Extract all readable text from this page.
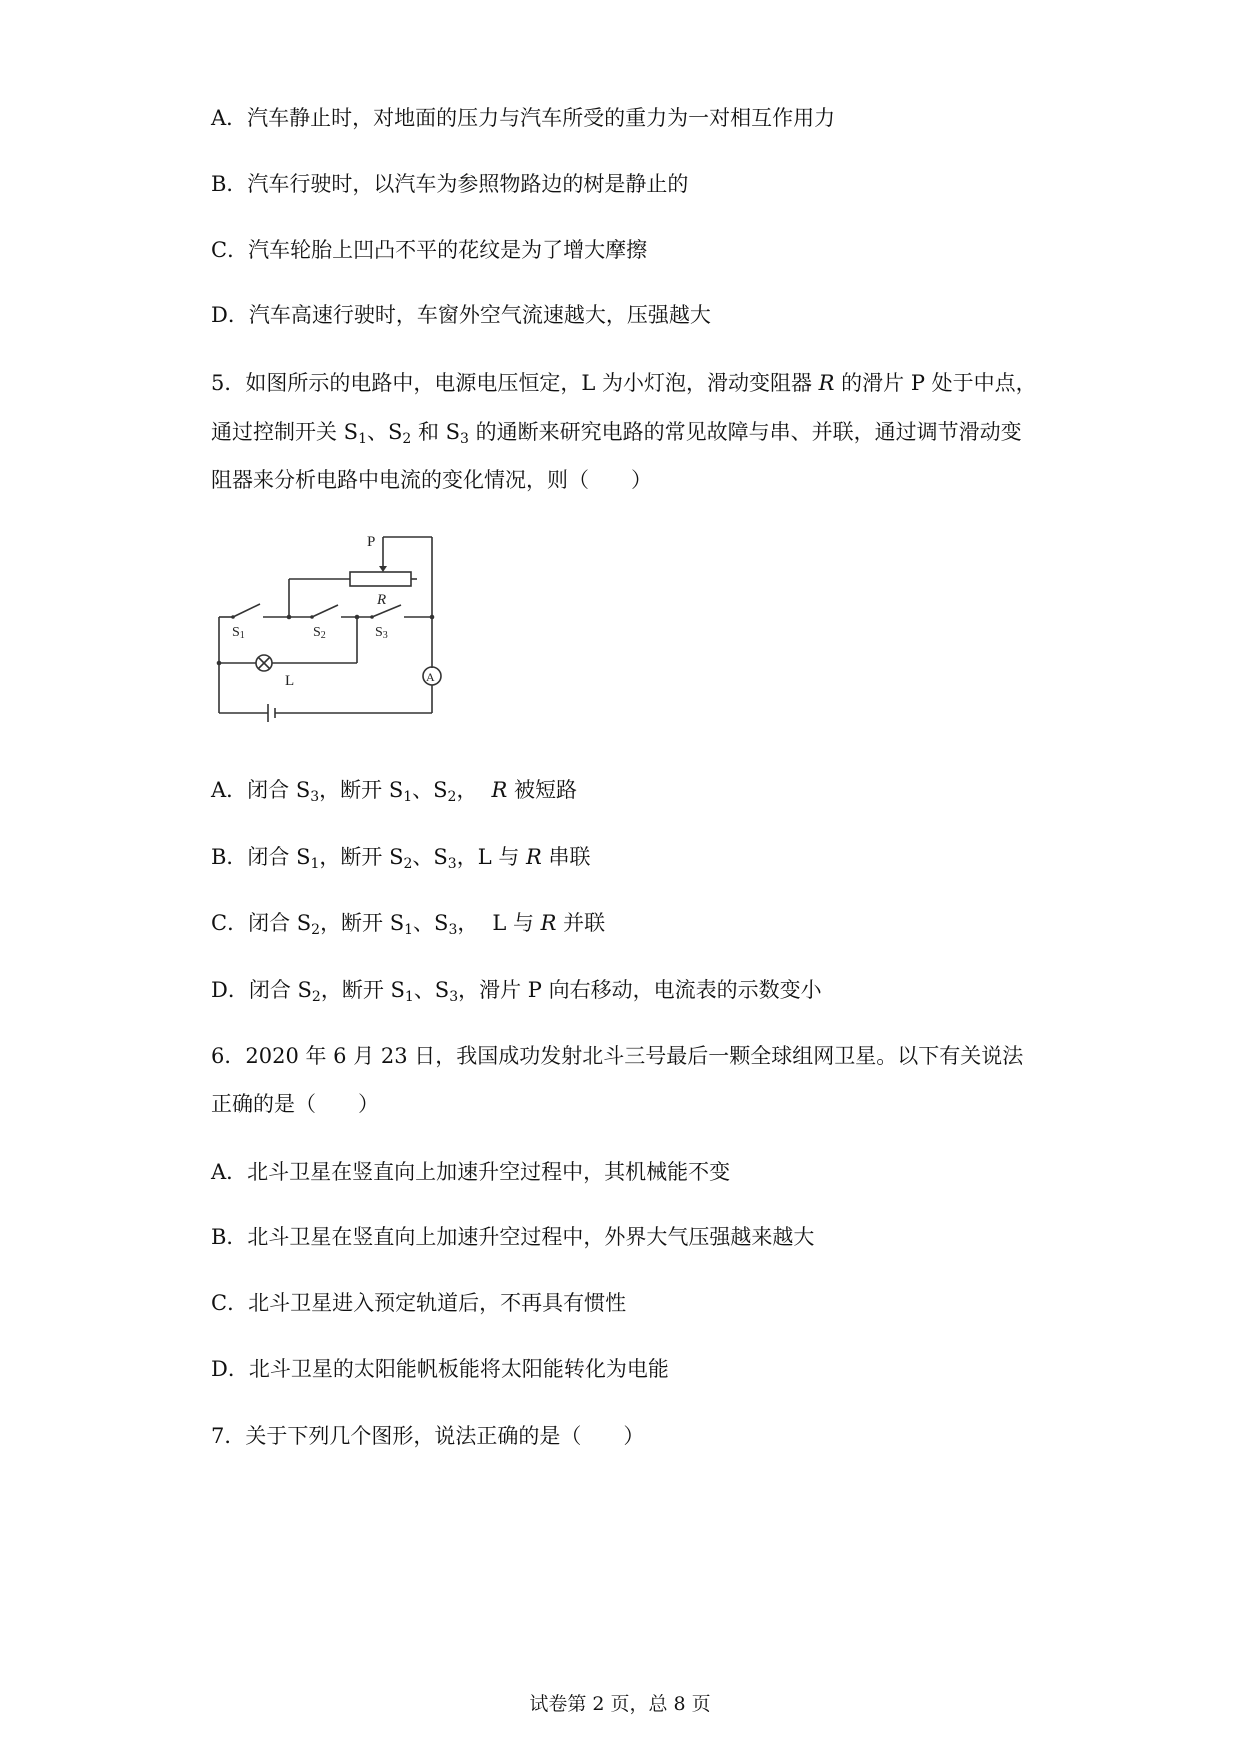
A．汽车静止时，对地面的压力与汽车所受的重力为一对相互作用力
B．汽车行驶时，以汽车为参照物路边的树是静止的
C．汽车轮胎上凹凸不平的花纹是为了增大摩擦
D．汽车高速行驶时，车窗外空气流速越大，压强越大
5．如图所示的电路中，电源电压恒定，L 为小灯泡，滑动变阻器 R 的滑片 P 处于中点，
通过控制开关 $S_1$、$S_2$ 和 $S_3$ 的通断来研究电路的常见故障与串、并联，通过调节滑动变
阻器来分析电路中电流的变化情况，则（　　）
P
R
S1	S2	S3
L	A
A．闭合 $S_3$，断开 $S_1$、$S_2$， R 被短路
B．闭合 $S_1$，断开 $S_2$、$S_3$，L 与 R 串联
C．闭合 $S_2$，断开 $S_1$、$S_3$， L 与 R 并联
D．闭合 $S_2$，断开 $S_1$、$S_3$，滑片 P 向右移动，电流表的示数变小
6．2020 年 6 月 23 日，我国成功发射北斗三号最后一颗全球组网卫星。以下有关说法
正确的是（　　）
A．北斗卫星在竖直向上加速升空过程中，其机械能不变
B．北斗卫星在竖直向上加速升空过程中，外界大气压强越来越大
C．北斗卫星进入预定轨道后，不再具有惯性
D．北斗卫星的太阳能帆板能将太阳能转化为电能
7．关于下列几个图形，说法正确的是（　　）
试卷第 2 页，总 8 页
